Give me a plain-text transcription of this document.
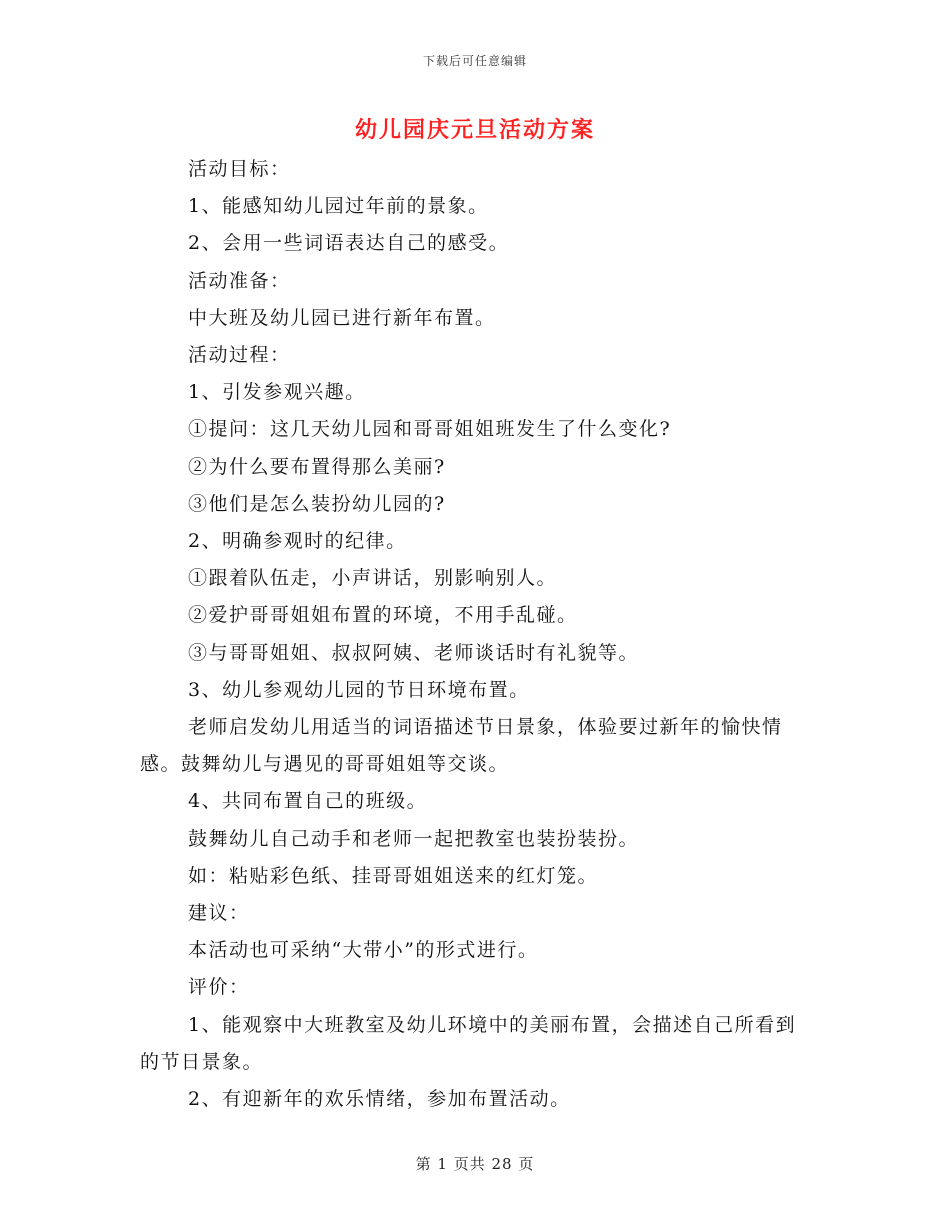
下载后可任意编辑
幼儿园庆元旦活动方案

活动目标：

1、能感知幼儿园过年前的景象。

2、会用一些词语表达自己的感受。

活动准备：

中大班及幼儿园已进行新年布置。

活动过程：

1、引发参观兴趣。

①提问：这几天幼儿园和哥哥姐姐班发生了什么变化?

②为什么要布置得那么美丽?

③他们是怎么装扮幼儿园的?

2、明确参观时的纪律。

①跟着队伍走，小声讲话，别影响别人。

②爱护哥哥姐姐布置的环境，不用手乱碰。

③与哥哥姐姐、叔叔阿姨、老师谈话时有礼貌等。

3、幼儿参观幼儿园的节日环境布置。

老师启发幼儿用适当的词语描述节日景象，体验要过新年的愉快情感。鼓舞幼儿与遇见的哥哥姐姐等交谈。

4、共同布置自己的班级。

鼓舞幼儿自己动手和老师一起把教室也装扮装扮。

如：粘贴彩色纸、挂哥哥姐姐送来的红灯笼。

建议：

本活动也可采纳“大带小”的形式进行。

评价：

1、能观察中大班教室及幼儿环境中的美丽布置，会描述自己所看到的节日景象。

2、有迎新年的欢乐情绪，参加布置活动。

第 1 页共 28 页
